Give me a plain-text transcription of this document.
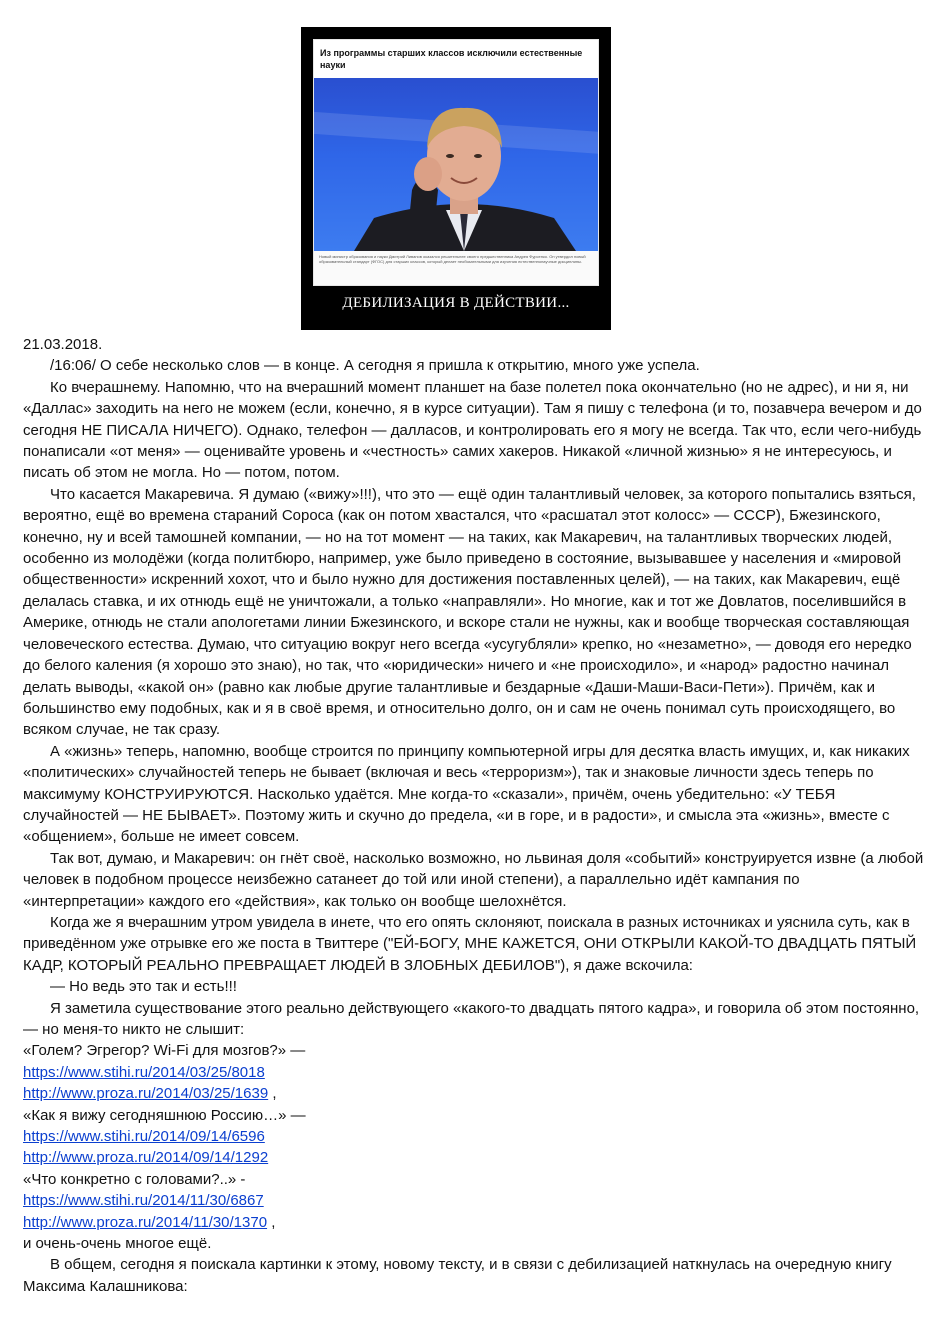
Из программы старших классов исключили естественные науки
Новый министр образования и науки Дмитрий Ливанов оказался решительнее своего предшественника Андрея Фурсенко. Он утвердил новый образовательный стандарт (ФГОС) для старших классов, который делает необязательными для изучения естественнонаучные дисциплины.
ДЕБИЛИЗАЦИЯ В ДЕЙСТВИИ...

21.03.2018.

/16:06/ О себе несколько слов — в конце. А сегодня я пришла к открытию, много уже успела.

Ко вчерашнему. Напомню, что на вчерашний момент планшет на базе полетел пока окончательно (но не адрес), и ни я, ни «Даллас» заходить на него не можем (если, конечно, я в курсе ситуации). Там я пишу с телефона (и то, позавчера вечером и до сегодня НЕ ПИСАЛА НИЧЕГО). Однако, телефон — далласов, и контролировать его я могу не всегда. Так что, если чего-нибудь понаписали «от меня» — оценивайте уровень и «честность» самих хакеров. Никакой «личной жизнью» я не интересуюсь, и писать об этом не могла. Но — потом, потом.

Что касается Макаревича. Я думаю («вижу»!!!), что это — ещё один талантливый человек, за которого попытались взяться, вероятно, ещё во времена стараний Сороса (как он потом хвастался, что «расшатал этот колосс» — СССР), Бжезинского, конечно, ну и всей тамошней компании, — но на тот момент — на таких, как Макаревич, на талантливых творческих людей, особенно из молодёжи (когда политбюро, например, уже было приведено в состояние, вызывавшее у населения и «мировой общественности» искренний хохот, что и было нужно для достижения поставленных целей), — на таких, как Макаревич, ещё делалась ставка, и их отнюдь ещё не уничтожали, а только «направляли». Но многие, как и тот же Довлатов, поселившийся в Америке, отнюдь не стали апологетами линии Бжезинского, и вскоре стали не нужны, как и вообще творческая составляющая человеческого естества. Думаю, что ситуацию вокруг него всегда «усугубляли» крепко, но «незаметно», — доводя его нередко до белого каления (я хорошо это знаю), но так, что «юридически» ничего и «не происходило», и «народ» радостно начинал делать выводы, «какой он» (равно как любые другие талантливые и бездарные «Даши-Маши-Васи-Пети»). Причём, как и большинство ему подобных, как и я в своё время, и относительно долго, он и сам не очень понимал суть происходящего, во всяком случае, не так сразу.

А «жизнь» теперь, напомню, вообще строится по принципу компьютерной игры для десятка власть имущих, и, как никаких «политических» случайностей теперь не бывает (включая и весь «терроризм»), так и знаковые личности здесь теперь по максимуму КОНСТРУИРУЮТСЯ. Насколько удаётся. Мне когда-то «сказали», причём, очень убедительно: «У ТЕБЯ случайностей — НЕ БЫВАЕТ». Поэтому жить и скучно до предела, «и в горе, и в радости», и смысла эта «жизнь», вместе с «общением», больше не имеет совсем.

Так вот, думаю, и Макаревич: он гнёт своё, насколько возможно, но львиная доля «событий» конструируется извне (а любой человек в подобном процессе неизбежно сатанеет до той или иной степени), а параллельно идёт кампания по «интерпретации» каждого его «действия», как только он вообще шелохнётся.

Когда же я вчерашним утром увидела в инете, что его опять склоняют, поискала в разных источниках и уяснила суть, как в приведённом уже отрывке его же поста в Твиттере ("ЕЙ-БОГУ, МНЕ КАЖЕТСЯ, ОНИ ОТКРЫЛИ КАКОЙ-ТО ДВАДЦАТЬ ПЯТЫЙ КАДР, КОТОРЫЙ РЕАЛЬНО ПРЕВРАЩАЕТ ЛЮДЕЙ В ЗЛОБНЫХ ДЕБИЛОВ"), я даже вскочила:

— Но ведь это так и есть!!!

Я заметила существование этого реально действующего «какого-то двадцать пятого кадра», и говорила об этом постоянно, — но меня-то никто не слышит:

«Голем? Эгрегор? Wi-Fi для мозгов?» —

https://www.stihi.ru/2014/03/25/8018

http://www.proza.ru/2014/03/25/1639 ,

«Как я вижу сегодняшнюю Россию…» —

https://www.stihi.ru/2014/09/14/6596

http://www.proza.ru/2014/09/14/1292

«Что конкретно с головами?..» -

https://www.stihi.ru/2014/11/30/6867

http://www.proza.ru/2014/11/30/1370 ,

и очень-очень многое ещё.

В общем, сегодня я поискала картинки к этому, новому тексту, и в связи с дебилизацией наткнулась на очередную книгу Максима Калашникова:
